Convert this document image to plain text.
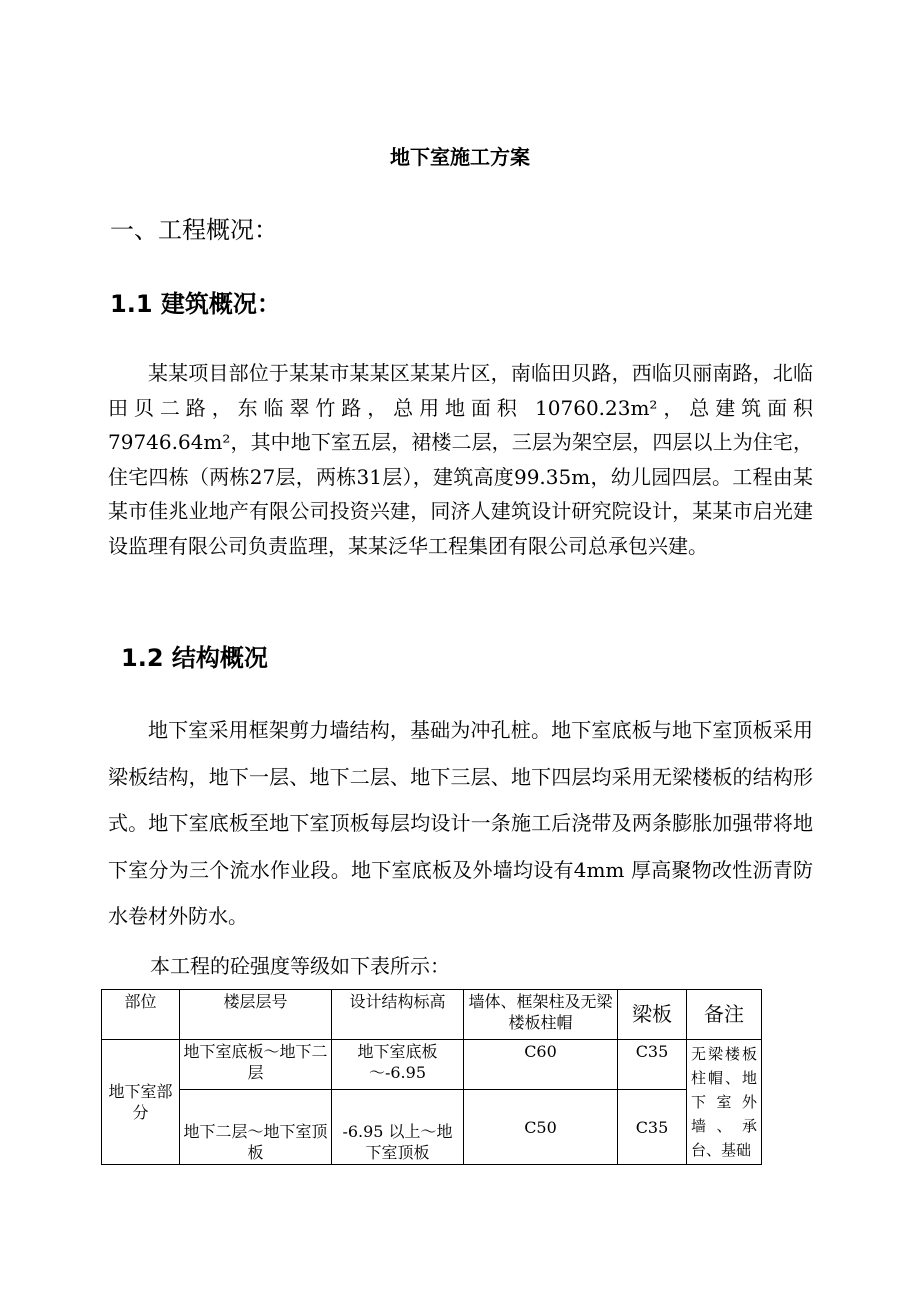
地下室施工方案
一、工程概况：
1.1 建筑概况：

某某项目部位于某某市某某区某某片区，南临田贝路，西临贝丽南路，北临田贝二路，东临翠竹路，总用地面积 10760.23m²，总建筑面积 79746.64m²，其中地下室五层，裙楼二层，三层为架空层，四层以上为住宅，住宅四栋（两栋27层，两栋31层），建筑高度99.35m，幼儿园四层。工程由某某市佳兆业地产有限公司投资兴建，同济人建筑设计研究院设计，某某市启光建设监理有限公司负责监理，某某泛华工程集团有限公司总承包兴建。

1.2 结构概况

地下室采用框架剪力墙结构，基础为冲孔桩。地下室底板与地下室顶板采用梁板结构，地下一层、地下二层、地下三层、地下四层均采用无梁楼板的结构形式。地下室底板至地下室顶板每层均设计一条施工后浇带及两条膨胀加强带将地下室分为三个流水作业段。地下室底板及外墙均设有4mm 厚高聚物改性沥青防水卷材外防水。

本工程的砼强度等级如下表所示：
部位	楼层层号	设计结构标高	墙体、框架柱及无梁楼板柱帽	梁板	备注
地下室部分	地下室底板～地下二层	地下室底板～-6.95	C60	C35	无梁楼板柱帽、地下室外墙、承台、基础
	地下二层～地下室顶板	-6.95 以上～地下室顶板	C50	C35	
